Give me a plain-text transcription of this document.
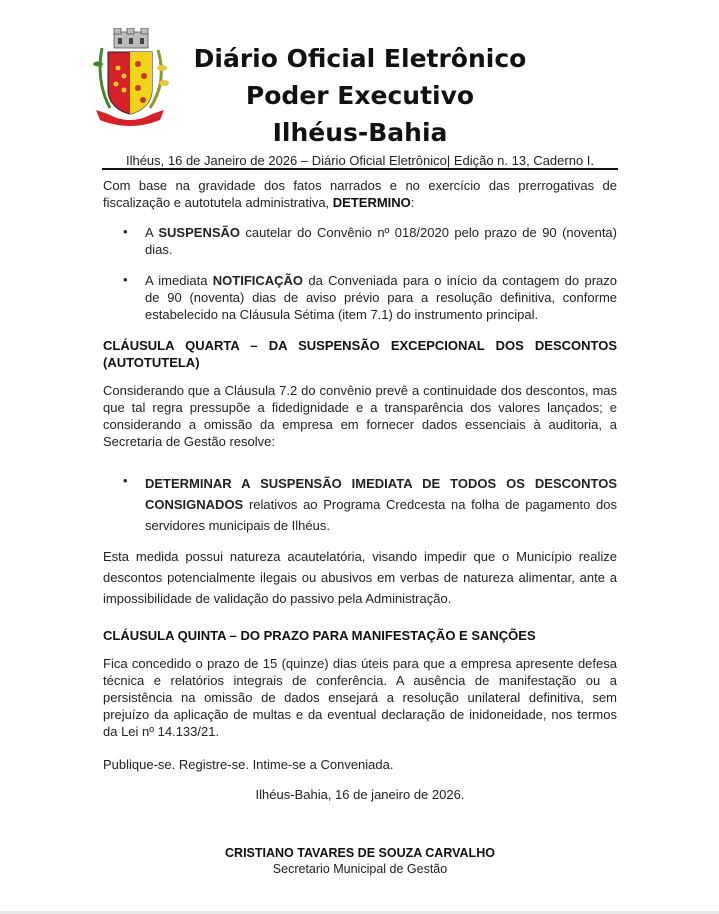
Diário Oficial Eletrônico
Poder Executivo
Ilhéus-Bahia
Ilhéus, 16 de Janeiro de 2026 – Diário Oficial Eletrônico| Edição n. 13, Caderno I.
Com base na gravidade dos fatos narrados e no exercício das prerrogativas de
fiscalização e autotutela administrativa, DETERMINO:
• A SUSPENSÃO cautelar do Convênio nº 018/2020 pelo prazo de 90 (noventa)
dias.
• A imediata NOTIFICAÇÃO da Conveniada para o início da contagem do prazo
de 90 (noventa) dias de aviso prévio para a resolução definitiva, conforme
estabelecido na Cláusula Sétima (item 7.1) do instrumento principal.
CLÁUSULA QUARTA – DA SUSPENSÃO EXCEPCIONAL DOS DESCONTOS
(AUTOTUTELA)
Considerando que a Cláusula 7.2 do convênio prevê a continuidade dos descontos, mas
que tal regra pressupõe a fidedignidade e a transparência dos valores lançados; e
considerando a omissão da empresa em fornecer dados essenciais à auditoria, a
Secretaria de Gestão resolve:
• DETERMINAR A SUSPENSÃO IMEDIATA DE TODOS OS DESCONTOS
CONSIGNADOS relativos ao Programa Credcesta na folha de pagamento dos
servidores municipais de Ilhéus.
Esta medida possui natureza acautelatória, visando impedir que o Município realize
descontos potencialmente ilegais ou abusivos em verbas de natureza alimentar, ante a
impossibilidade de validação do passivo pela Administração.
CLÁUSULA QUINTA – DO PRAZO PARA MANIFESTAÇÃO E SANÇÕES
Fica concedido o prazo de 15 (quinze) dias úteis para que a empresa apresente defesa
técnica e relatórios integrais de conferência. A ausência de manifestação ou a
persistência na omissão de dados ensejará a resolução unilateral definitiva, sem
prejuízo da aplicação de multas e da eventual declaração de inidoneidade, nos termos
da Lei nº 14.133/21.
Publique-se. Registre-se. Intime-se a Conveniada.
Ilhéus-Bahia, 16 de janeiro de 2026.
CRISTIANO TAVARES DE SOUZA CARVALHO
Secretario Municipal de Gestão
